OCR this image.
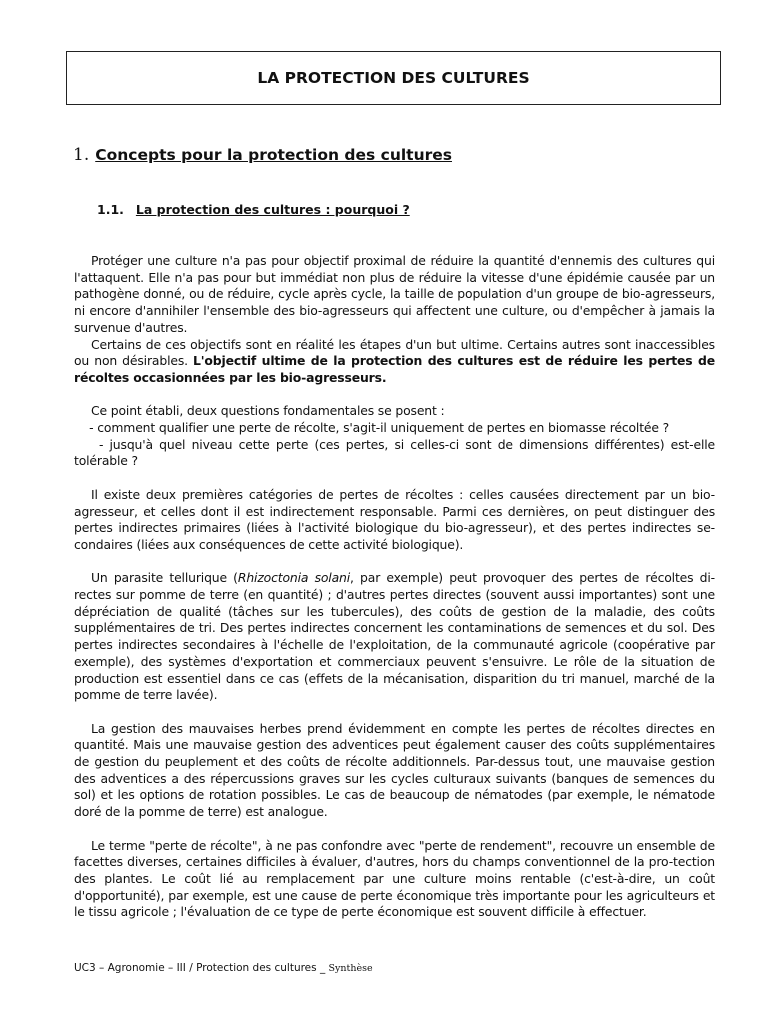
LA PROTECTION DES CULTURES
1. Concepts pour la protection des cultures
1.1. La protection des cultures : pourquoi ?

Protéger une culture n'a pas pour objectif proximal de réduire la quantité d'ennemis des cultures qui l'attaquent. Elle n'a pas pour but immédiat non plus de réduire la vitesse d'une épidémie causée par un pathogène donné, ou de réduire, cycle après cycle, la taille de population d'un groupe de bio-agresseurs, ni encore d'annihiler l'ensemble des bio-agresseurs qui affectent une culture, ou d'empêcher à jamais la survenue d'autres.

Certains de ces objectifs sont en réalité les étapes d'un but ultime. Certains autres sont inaccessibles ou non désirables. L'objectif ultime de la protection des cultures est de réduire les pertes de récoltes occasionnées par les bio-agresseurs.

Ce point établi, deux questions fondamentales se posent :

- comment qualifier une perte de récolte, s'agit-il uniquement de pertes en biomasse récoltée ?

- jusqu'à quel niveau cette perte (ces pertes, si celles-ci sont de dimensions différentes) est-elle tolérable ?

Il existe deux premières catégories de pertes de récoltes : celles causées directement par un bio-agresseur, et celles dont il est indirectement responsable. Parmi ces dernières, on peut distinguer des pertes indirectes primaires (liées à l'activité biologique du bio-agresseur), et des pertes indirectes se-condaires (liées aux conséquences de cette activité biologique).

Un parasite tellurique (Rhizoctonia solani, par exemple) peut provoquer des pertes de récoltes di-rectes sur pomme de terre (en quantité) ; d'autres pertes directes (souvent aussi importantes) sont une dépréciation de qualité (tâches sur les tubercules), des coûts de gestion de la maladie, des coûts supplémentaires de tri. Des pertes indirectes concernent les contaminations de semences et du sol. Des pertes indirectes secondaires à l'échelle de l'exploitation, de la communauté agricole (coopérative par exemple), des systèmes d'exportation et commerciaux peuvent s'ensuivre. Le rôle de la situation de production est essentiel dans ce cas (effets de la mécanisation, disparition du tri manuel, marché de la pomme de terre lavée).

La gestion des mauvaises herbes prend évidemment en compte les pertes de récoltes directes en quantité. Mais une mauvaise gestion des adventices peut également causer des coûts supplémentaires de gestion du peuplement et des coûts de récolte additionnels. Par-dessus tout, une mauvaise gestion des adventices a des répercussions graves sur les cycles culturaux suivants (banques de semences du sol) et les options de rotation possibles. Le cas de beaucoup de nématodes (par exemple, le nématode doré de la pomme de terre) est analogue.

Le terme "perte de récolte", à ne pas confondre avec "perte de rendement", recouvre un ensemble de facettes diverses, certaines difficiles à évaluer, d'autres, hors du champs conventionnel de la pro-tection des plantes. Le coût lié au remplacement par une culture moins rentable (c'est-à-dire, un coût d'opportunité), par exemple, est une cause de perte économique très importante pour les agriculteurs et le tissu agricole ; l'évaluation de ce type de perte économique est souvent difficile à effectuer.

UC3 – Agronomie – III / Protection des cultures _ Synthèse
